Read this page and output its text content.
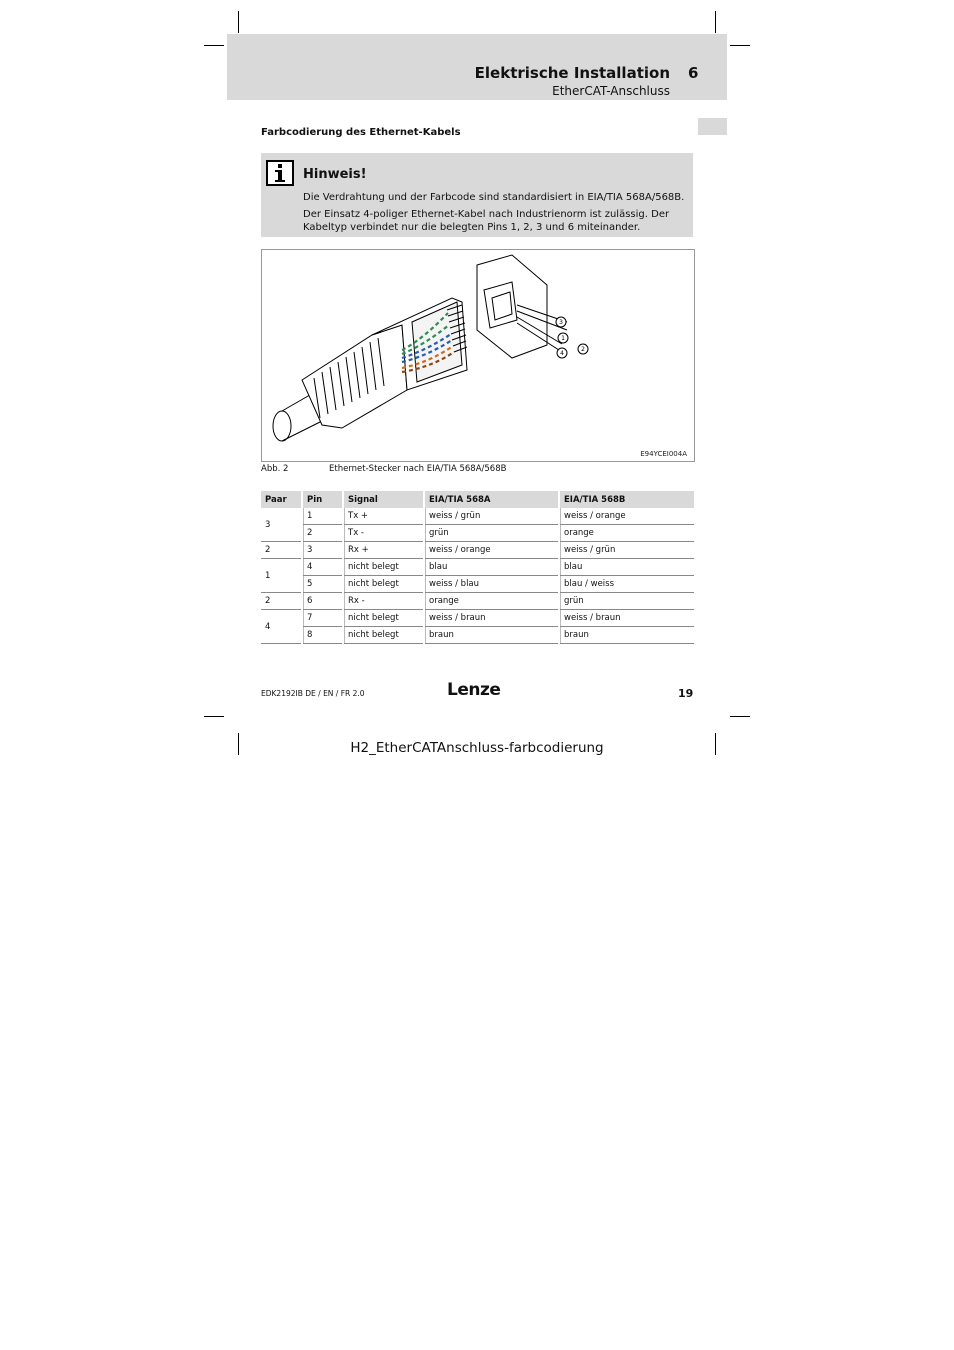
Elektrische Installation 6
EtherCAT-Anschluss
Farbcodierung des Ethernet-Kabels
Hinweis!
Die Verdrahtung und der Farbcode sind standardisiert in EIA/TIA 568A/568B.
Der Einsatz 4-poliger Ethernet-Kabel nach Industrienorm ist zulässig. Der Kabeltyp verbindet nur die belegten Pins 1, 2, 3 und 6 miteinander.
3
1
2
4
E94YCEI004A
Abb. 2	Ethernet-Stecker nach EIA/TIA 568A/568B
Paar	Pin	Signal	EIA/TIA 568A	EIA/TIA 568B
3	1	Tx +	weiss / grün	weiss / orange
	2	Tx -	grün	orange
2	3	Rx +	weiss / orange	weiss / grün
1	4	nicht belegt	blau	blau
	5	nicht belegt	weiss / blau	blau / weiss
2	6	Rx -	orange	grün
4	7	nicht belegt	weiss / braun	weiss / braun
	8	nicht belegt	braun	braun
EDK2192IB DE / EN / FR 2.0	Lenze	19
H2_EtherCATAnschluss-farbcodierung
